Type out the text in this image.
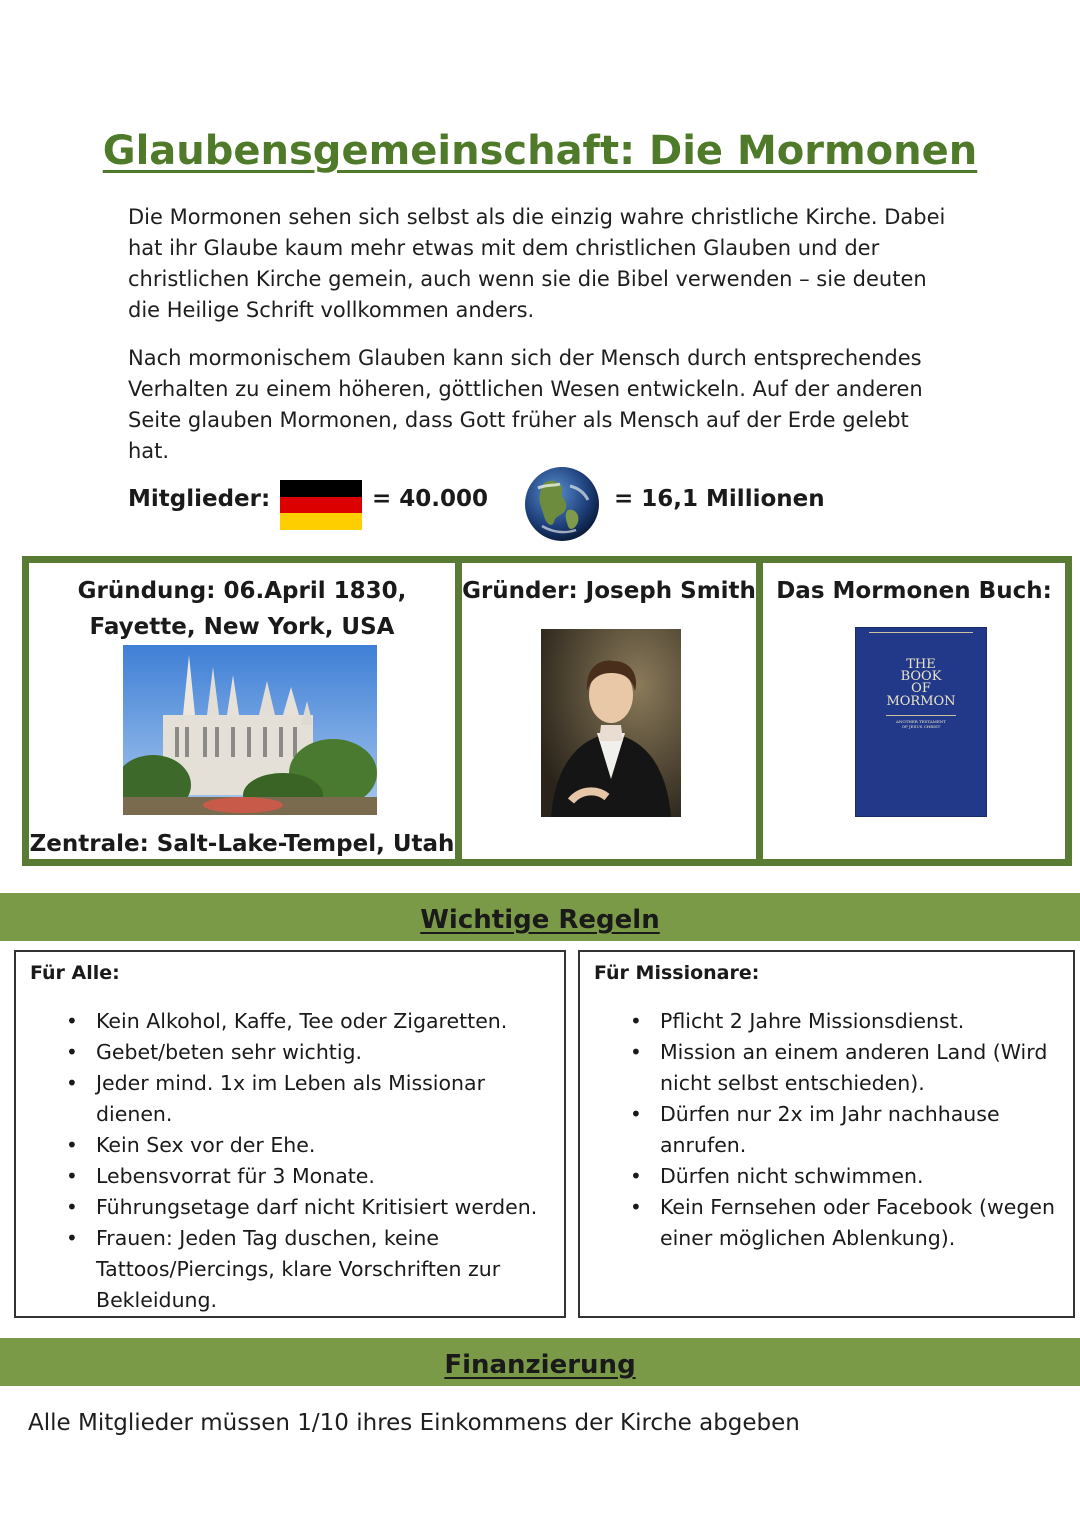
Glaubensgemeinschaft: Die Mormonen

Die Mormonen sehen sich selbst als die einzig wahre christliche Kirche. Dabei hat ihr Glaube kaum mehr etwas mit dem christlichen Glauben und der christlichen Kirche gemein, auch wenn sie die Bibel verwenden – sie deuten die Heilige Schrift vollkommen anders.

Nach mormonischem Glauben kann sich der Mensch durch entsprechendes Verhalten zu einem höheren, göttlichen Wesen entwickeln. Auf der anderen Seite glauben Mormonen, dass Gott früher als Mensch auf der Erde gelebt hat.

Mitglieder:	= 40.000	= 16,1 Millionen
Gründung: 06.April 1830, Fayette, New York, USA
Zentrale: Salt-Lake-Tempel, Utah
Gründer: Joseph Smith Das Mormonen Buch:
THE
BOOK
OF
MORMON
ANOTHER TESTAMENT
OF JESUS CHRIST
Wichtige Regeln
Für Alle:
• Kein Alkohol, Kaffe, Tee oder Zigaretten.
• Gebet/beten sehr wichtig.
• Jeder mind. 1x im Leben als Missionar dienen.
• Kein Sex vor der Ehe.
• Lebensvorrat für 3 Monate.
• Führungsetage darf nicht Kritisiert werden.
• Frauen: Jeden Tag duschen, keine Tattoos/Piercings, klare Vorschriften zur Bekleidung.
Für Missionare:
• Pflicht 2 Jahre Missionsdienst.
• Mission an einem anderen Land (Wird nicht selbst entschieden).
• Dürfen nur 2x im Jahr nachhause anrufen.
• Dürfen nicht schwimmen.
• Kein Fernsehen oder Facebook (wegen einer möglichen Ablenkung).
Finanzierung
Alle Mitglieder müssen 1/10 ihres Einkommens der Kirche abgeben
